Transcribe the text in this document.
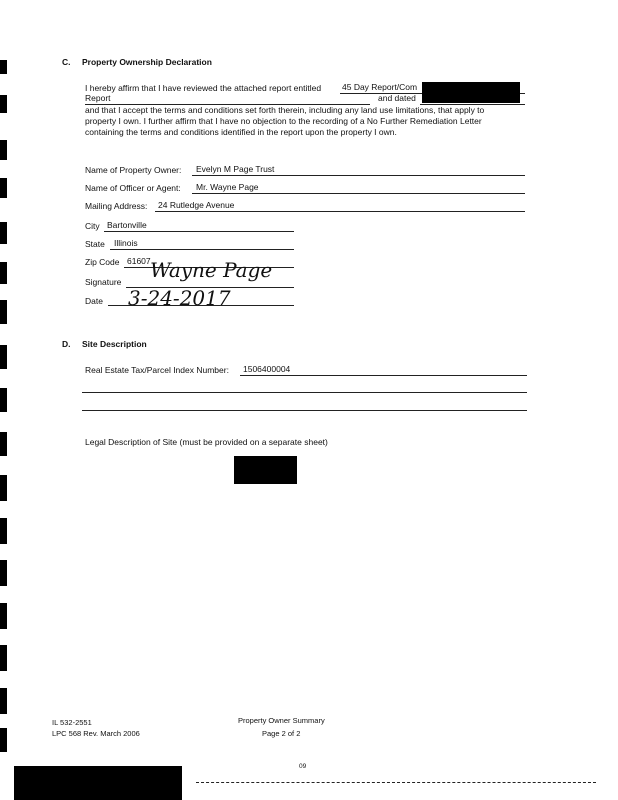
C. Property Ownership Declaration
I hereby affirm that I have reviewed the attached report entitled 45 Day Report/Com
Report	and dated
and that I accept the terms and conditions set forth therein, including any land use limitations, that apply to
property I own. I further affirm that I have no objection to the recording of a No Further Remediation Letter
containing the terms and conditions identified in the report upon the property I own.
Name of Property Owner: Evelyn M Page Trust
Name of Officer or Agent: Mr. Wayne Page
Mailing Address: 24 Rutledge Avenue
City Bartonville
State Illinois
Zip Code 61607
Signature Wayne Page
Date 3-24-2017
D. Site Description
Real Estate Tax/Parcel Index Number: 1506400004
Legal Description of Site (must be provided on a separate sheet)
IL 532-2551
LPC 568 Rev. March 2006
Property Owner Summary
Page 2 of 2
09
